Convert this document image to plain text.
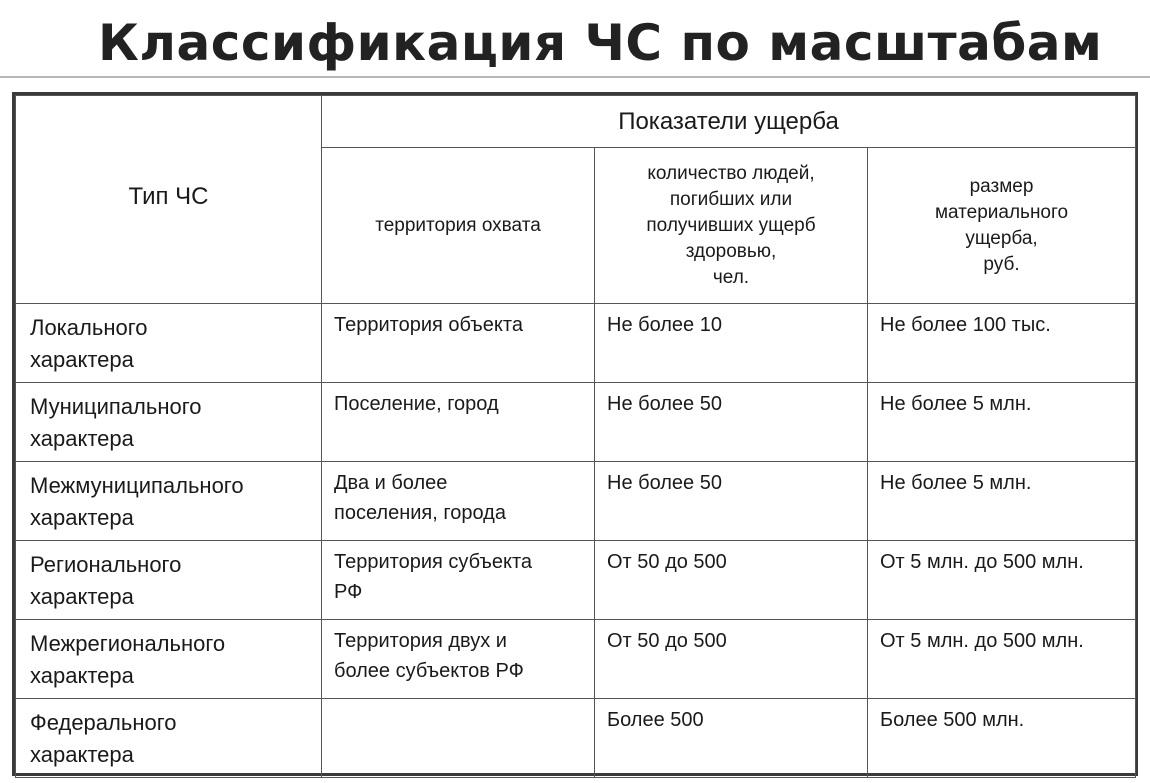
Классификация ЧС по масштабам
Тип ЧС	Показатели ущерба		
	территория охвата	количество людей,
погибших или
получивших ущерб
здоровью,
чел.	размер
материального
ущерба,
руб.
Локального
характера	Территория объекта	Не более 10	Не более 100 тыс.
Муниципального
характера	Поселение, город	Не более 50	Не более 5 млн.
Межмуниципального
характера	Два и более
поселения, города	Не более 50	Не более 5 млн.
Регионального
характера	Территория субъекта
РФ	От 50 до 500	От 5 млн. до 500 млн.
Межрегионального
характера	Территория двух и
более субъектов РФ	От 50 до 500	От 5 млн. до 500 млн.
Федерального
характера		Более 500	Более 500 млн.
